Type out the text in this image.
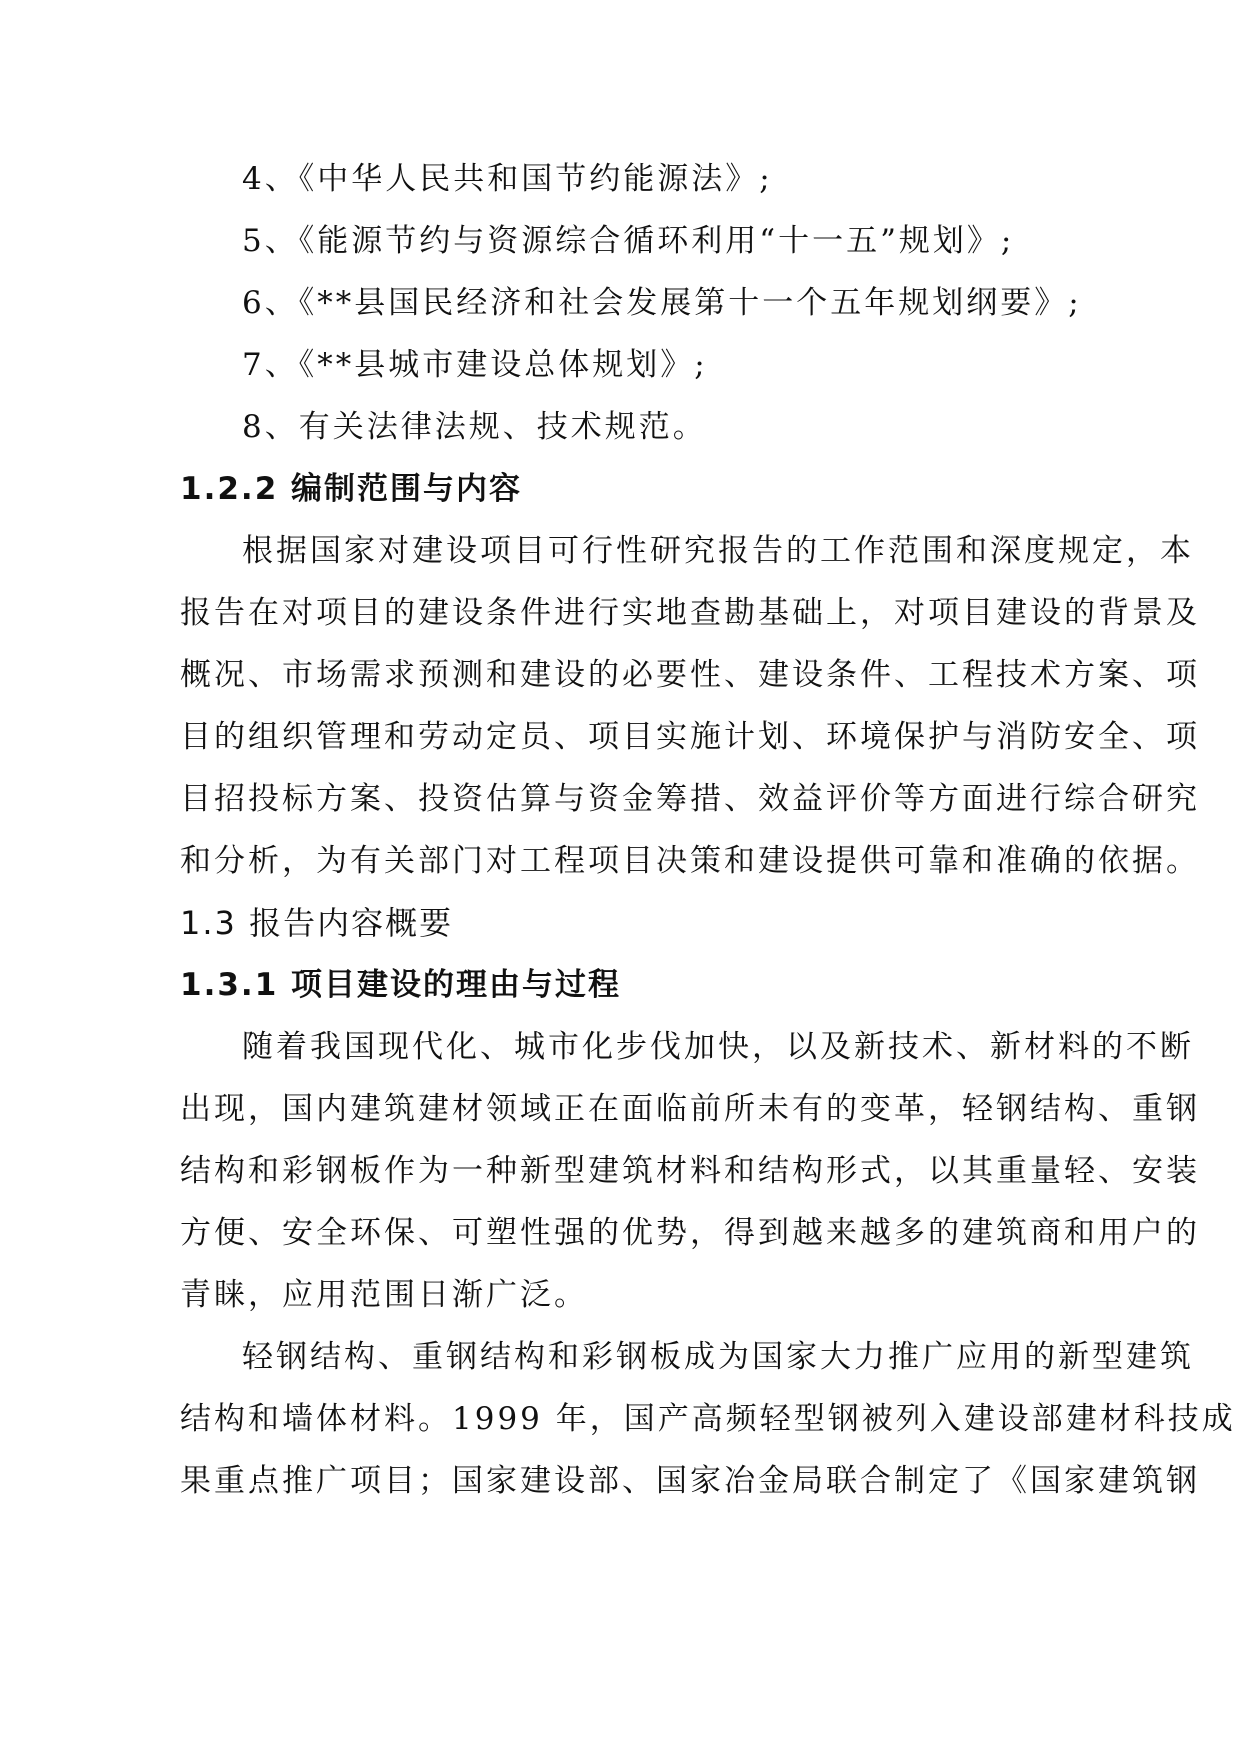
4、《中华人民共和国节约能源法》;
5、《能源节约与资源综合循环利用“十一五”规划》;
6、《**县国民经济和社会发展第十一个五年规划纲要》;
7、《**县城市建设总体规划》;
8、有关法律法规、技术规范。
1.2.2 编制范围与内容
根据国家对建设项目可行性研究报告的工作范围和深度规定，本
报告在对项目的建设条件进行实地查勘基础上，对项目建设的背景及
概况、市场需求预测和建设的必要性、建设条件、工程技术方案、项
目的组织管理和劳动定员、项目实施计划、环境保护与消防安全、项
目招投标方案、投资估算与资金筹措、效益评价等方面进行综合研究
和分析，为有关部门对工程项目决策和建设提供可靠和准确的依据。
1.3 报告内容概要
1.3.1 项目建设的理由与过程
随着我国现代化、城市化步伐加快，以及新技术、新材料的不断
出现，国内建筑建材领域正在面临前所未有的变革，轻钢结构、重钢
结构和彩钢板作为一种新型建筑材料和结构形式，以其重量轻、安装
方便、安全环保、可塑性强的优势，得到越来越多的建筑商和用户的
青睐，应用范围日渐广泛。
轻钢结构、重钢结构和彩钢板成为国家大力推广应用的新型建筑
结构和墙体材料。1999 年，国产高频轻型钢被列入建设部建材科技成
果重点推广项目；国家建设部、国家冶金局联合制定了《国家建筑钢
